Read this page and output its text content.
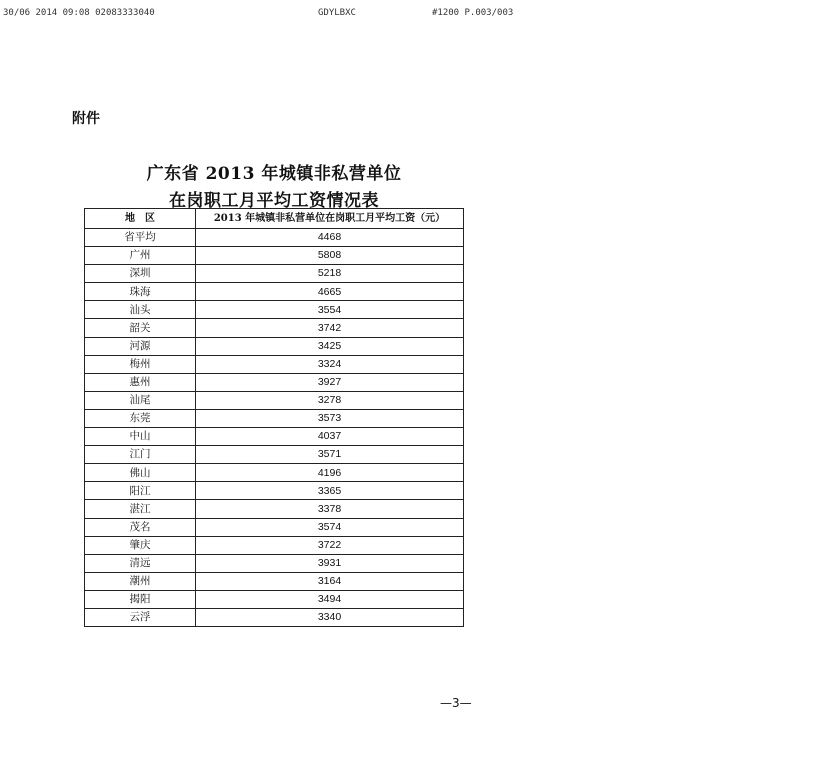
30/06 2014 09:08 02083333040	GDYLBXC	#1200 P.003/003
附件
广东省 2013 年城镇非私营单位
在岗职工月平均工资情况表
地　区	2013 年城镇非私营单位在岗职工月平均工资（元）
省平均	4468
广州	5808
深圳	5218
珠海	4665
汕头	3554
韶关	3742
河源	3425
梅州	3324
惠州	3927
汕尾	3278
东莞	3573
中山	4037
江门	3571
佛山	4196
阳江	3365
湛江	3378
茂名	3574
肇庆	3722
清远	3931
潮州	3164
揭阳	3494
云浮	3340
—3—
